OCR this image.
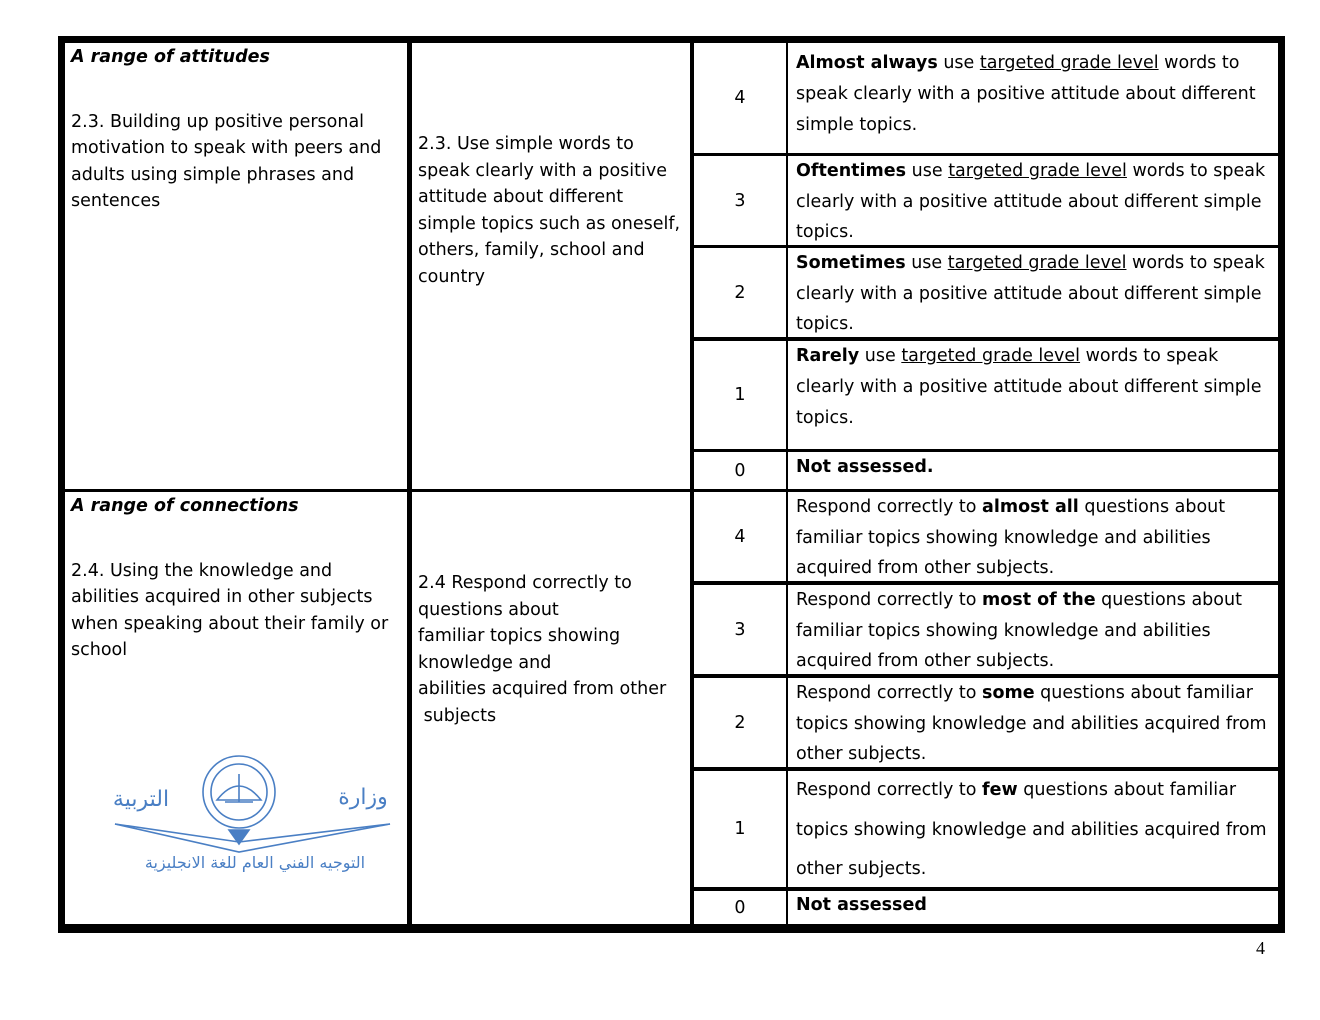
A range of attitudes
2.3. Building up positive personal motivation to speak with peers and adults using simple phrases and sentences
2.3. Use simple words to speak clearly with a positive attitude about different simple topics such as oneself, others, family, school and country
4
Almost always use targeted grade level words to speak clearly with a positive attitude about different simple topics.
3
Oftentimes use targeted grade level words to speak clearly with a positive attitude about different simple topics.
2
Sometimes use targeted grade level words to speak clearly with a positive attitude about different simple topics.
1
Rarely use targeted grade level words to speak clearly with a positive attitude about different simple topics.
0	Not assessed.
A range of connections
2.4. Using the knowledge and abilities acquired in other subjects when speaking about their family or school
2.4 Respond correctly to questions about
familiar topics showing knowledge and
abilities acquired from other
subjects
4
Respond correctly to almost all questions about familiar topics showing knowledge and abilities acquired from other subjects.
3
Respond correctly to most of the questions about familiar topics showing knowledge and abilities acquired from other subjects.
2
Respond correctly to some questions about familiar topics showing knowledge and abilities acquired from other subjects.
1
Respond correctly to few questions about familiar topics showing knowledge and abilities acquired from other subjects.
0	Not assessed
وزارة
التربية
التوجيه الفني العام للغة الانجليزية
4
